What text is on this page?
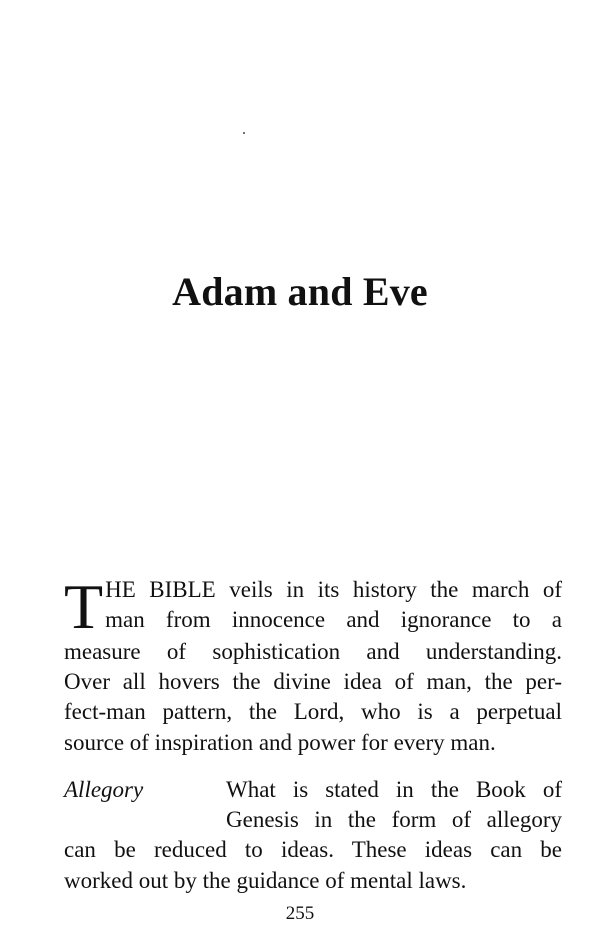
Adam and Eve
T HE BIBLE veils in its history the march of
man from innocence and ignorance to a
measure of sophistication and understanding.
Over all hovers the divine idea of man, the per-
fect-man pattern, the Lord, who is a perpetual
source of inspiration and power for every man.
Allegory	What is stated in the Book of
Genesis in the form of allegory
can be reduced to ideas. These ideas can be
worked out by the guidance of mental laws.

255
